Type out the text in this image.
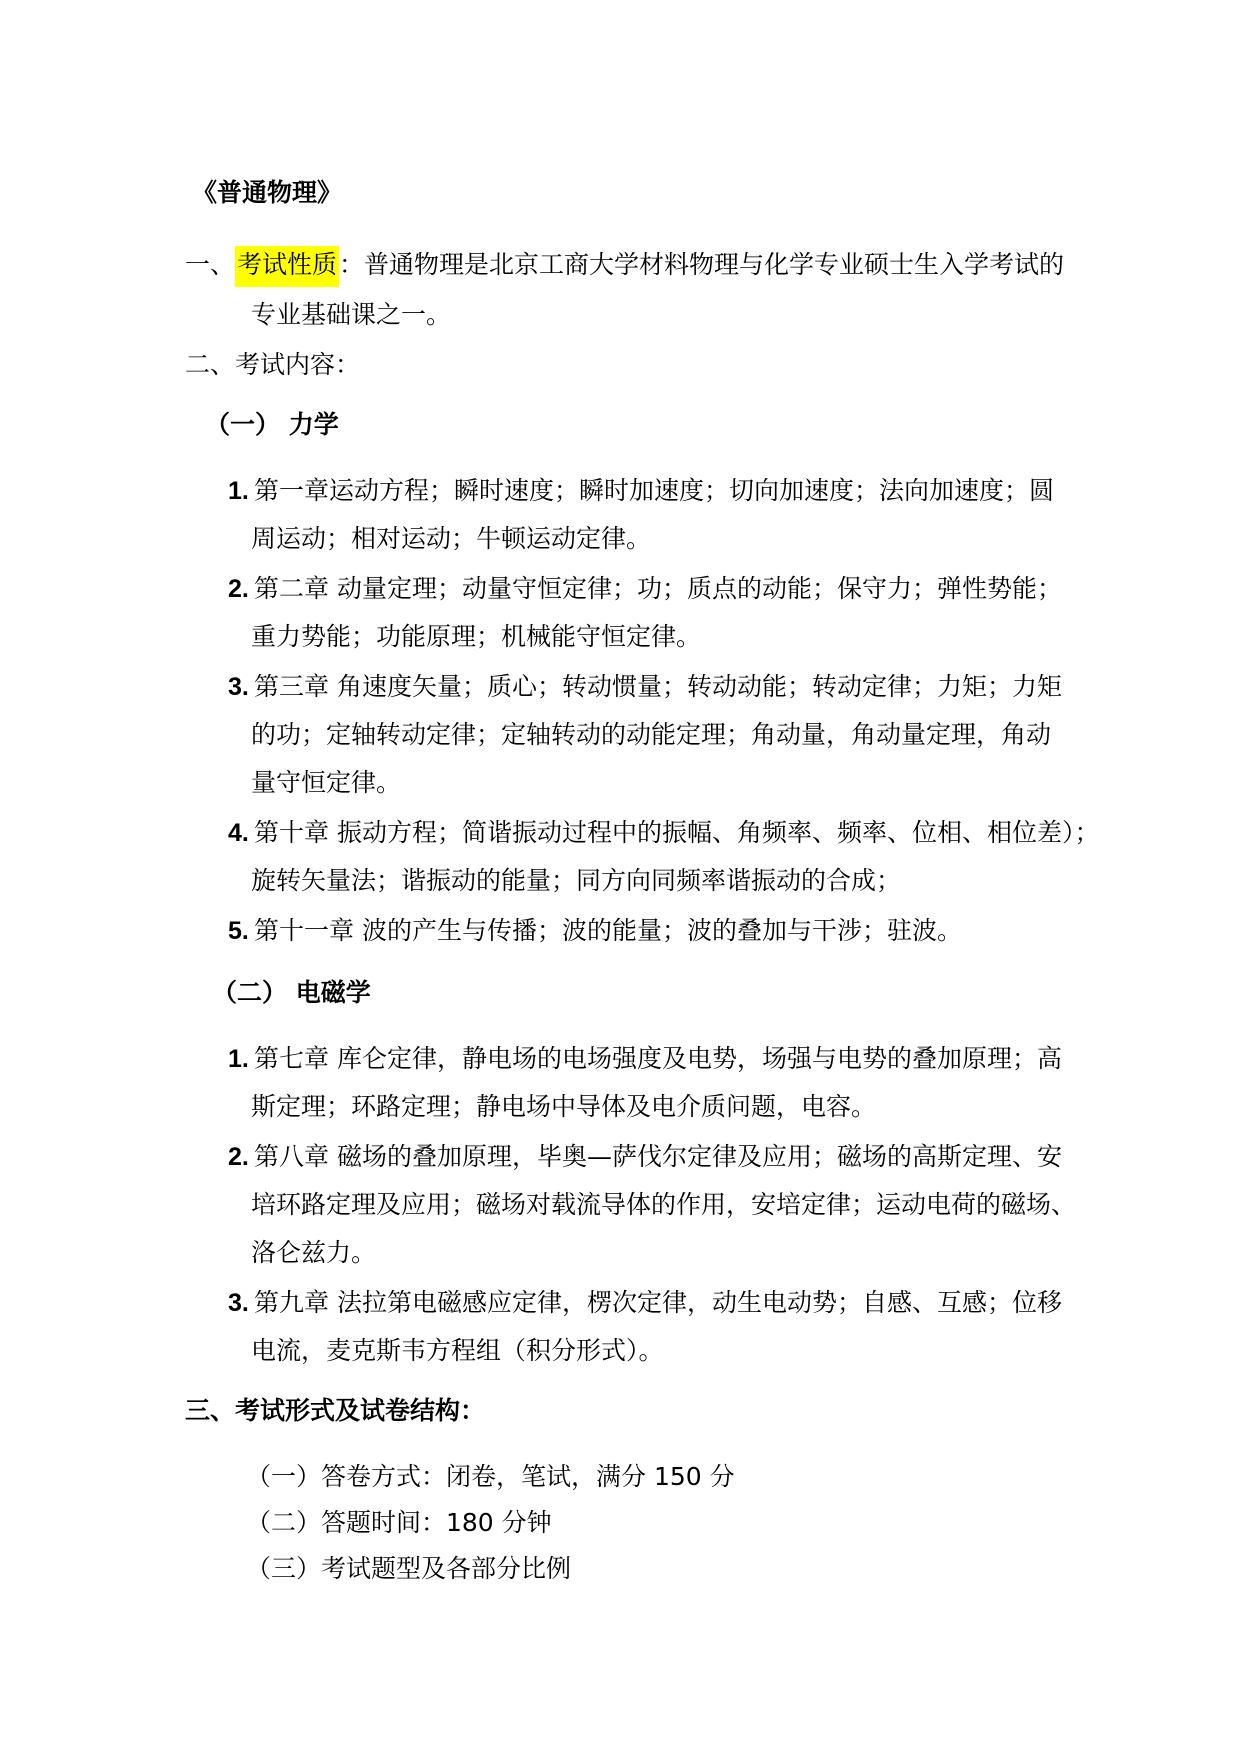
《普通物理》
一、考试性质：普通物理是北京工商大学材料物理与化学专业硕士生入学考试的
专业基础课之一。
二、考试内容：
（一） 力学
1. 第一章运动方程；瞬时速度；瞬时加速度；切向加速度；法向加速度；圆
周运动；相对运动；牛顿运动定律。
2. 第二章 动量定理；动量守恒定律；功；质点的动能；保守力；弹性势能；
重力势能；功能原理；机械能守恒定律。
3. 第三章 角速度矢量；质心；转动惯量；转动动能；转动定律；力矩；力矩
的功；定轴转动定律；定轴转动的动能定理；角动量，角动量定理，角动
量守恒定律。
4. 第十章 振动方程；简谐振动过程中的振幅、角频率、频率、位相、相位差）；
旋转矢量法；谐振动的能量；同方向同频率谐振动的合成；
5. 第十一章 波的产生与传播；波的能量；波的叠加与干涉；驻波。
（二） 电磁学
1. 第七章 库仑定律，静电场的电场强度及电势，场强与电势的叠加原理；高
斯定理；环路定理；静电场中导体及电介质问题，电容。
2. 第八章 磁场的叠加原理，毕奥—萨伐尔定律及应用；磁场的高斯定理、安
培环路定理及应用；磁场对载流导体的作用，安培定律；运动电荷的磁场、
洛仑兹力。
3. 第九章 法拉第电磁感应定律，楞次定律，动生电动势；自感、互感；位移
电流，麦克斯韦方程组（积分形式）。
三、考试形式及试卷结构：
（一）答卷方式：闭卷，笔试，满分 150 分
（二）答题时间：180 分钟
（三）考试题型及各部分比例
